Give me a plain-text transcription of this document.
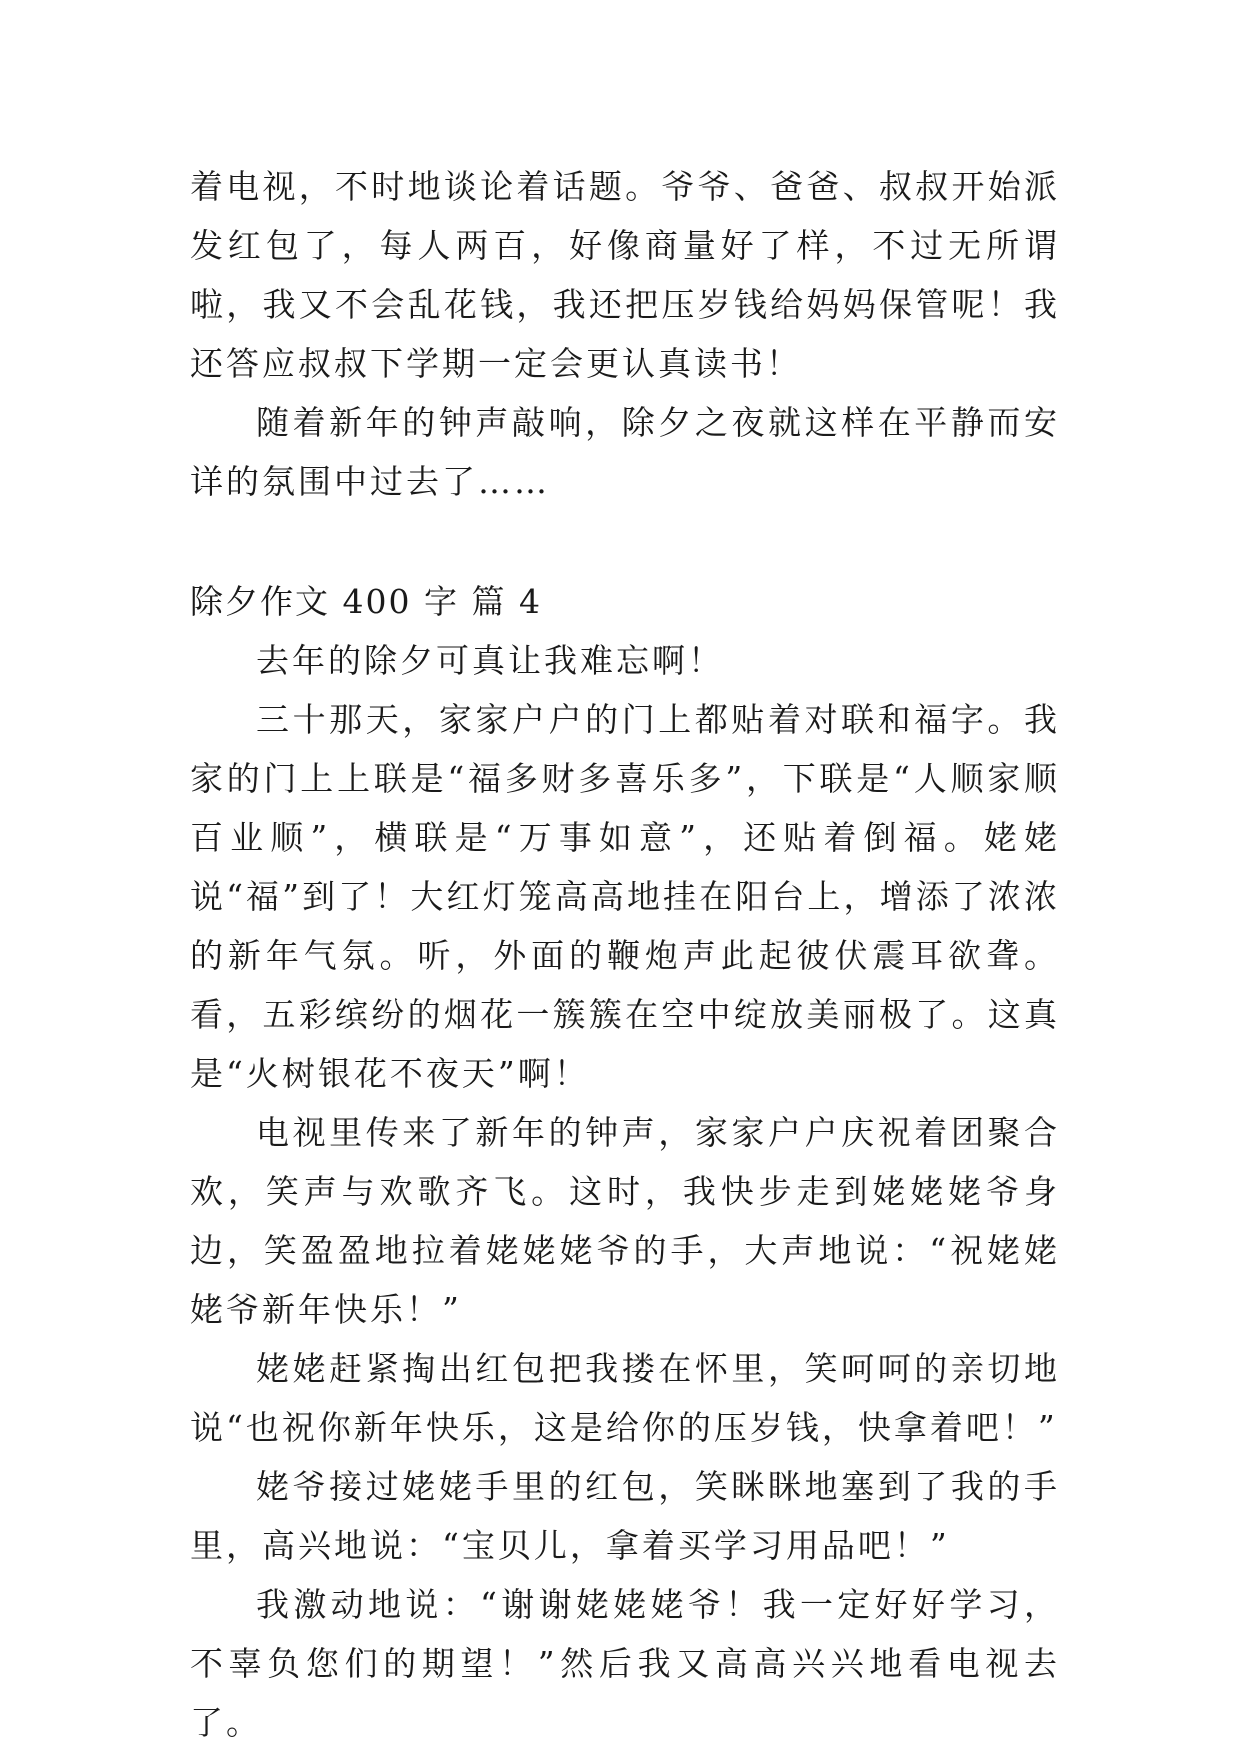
着电视，不时地谈论着话题。爷爷、爸爸、叔叔开始派发红包了，每人两百，好像商量好了样，不过无所谓啦，我又不会乱花钱，我还把压岁钱给妈妈保管呢！我还答应叔叔下学期一定会更认真读书！

随着新年的钟声敲响，除夕之夜就这样在平静而安详的氛围中过去了……

除夕作文 400 字 篇 4

去年的除夕可真让我难忘啊！

三十那天，家家户户的门上都贴着对联和福字。我家的门上上联是“福多财多喜乐多”，下联是“人顺家顺百业顺”，横联是“万事如意”，还贴着倒福。姥姥说“福”到了！大红灯笼高高地挂在阳台上，增添了浓浓的新年气氛。听，外面的鞭炮声此起彼伏震耳欲聋。看，五彩缤纷的烟花一簇簇在空中绽放美丽极了。这真是“火树银花不夜天”啊！

电视里传来了新年的钟声，家家户户庆祝着团聚合欢，笑声与欢歌齐飞。这时，我快步走到姥姥姥爷身边，笑盈盈地拉着姥姥姥爷的手，大声地说：“祝姥姥姥爷新年快乐！”

姥姥赶紧掏出红包把我搂在怀里，笑呵呵的亲切地说“也祝你新年快乐，这是给你的压岁钱，快拿着吧！”

姥爷接过姥姥手里的红包，笑眯眯地塞到了我的手里，高兴地说：“宝贝儿，拿着买学习用品吧！”

我激动地说：“谢谢姥姥姥爷！我一定好好学习，不辜负您们的期望！”然后我又高高兴兴地看电视去了。
